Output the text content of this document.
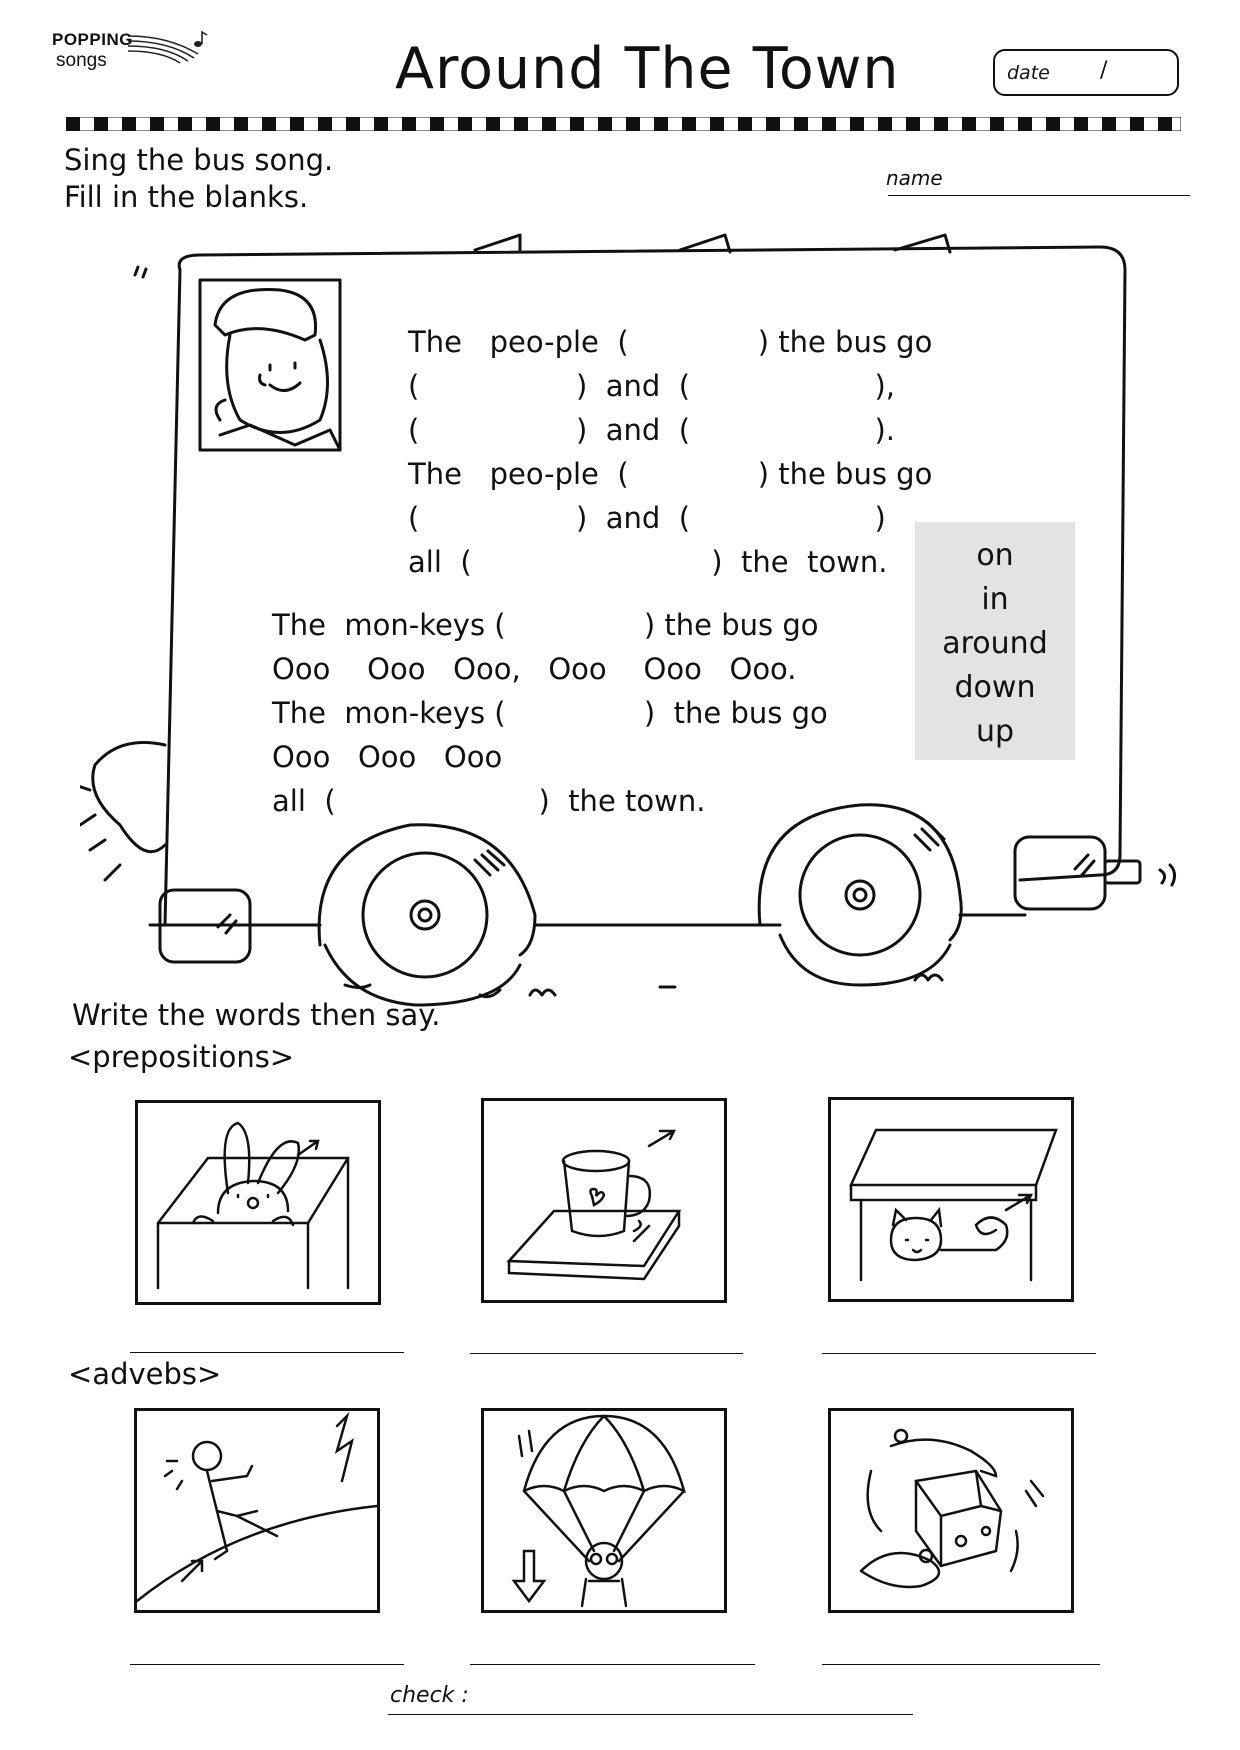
POPPING
songs	Around The Town	date /
Sing the bus song.
Fill in the blanks.
name
The   peo-ple  (              ) the bus go
(                 )  and  (                    ),
(                 )  and  (                    ).
The   peo-ple  (              ) the bus go
(                 )  and  (                    )
all  (                          )  the  town.
The  mon-keys (               ) the bus go
Ooo    Ooo   Ooo,   Ooo    Ooo   Ooo.
The  mon-keys (               )  the bus go
Ooo   Ooo   Ooo
all  (                      )  the town.
on
in
around
down
up
Write the words then say.
<prepositions>
<advebs>
check :
